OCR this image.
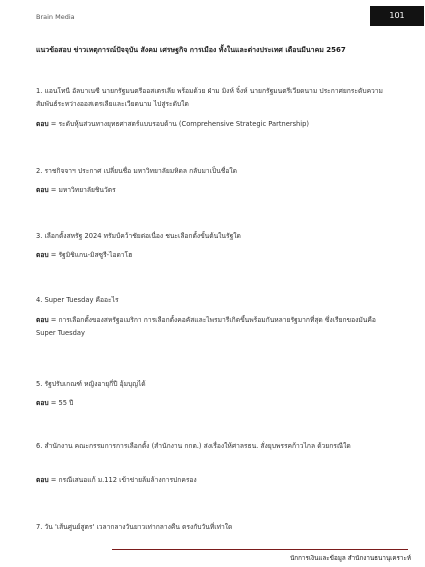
Brain Media	101
แนวข้อสอบ ข่าวเหตุการณ์ปัจจุบัน สังคม เศรษฐกิจ การเมือง ทั้งในและต่างประเทศ เดือนมีนาคม 2567
1. แอนโทนี อัลบาเนซี นายกรัฐมนตรีออสเตรเลีย พร้อมด้วย ฝ่าม มิงห์ จิ๋งห์ นายกรัฐมนตรีเวียดนาม ประกาศยกระดับความสัมพันธ์ระหว่างออสเตรเลียและเวียดนาม ไปสู่ระดับใด
ตอบ = ระดับหุ้นส่วนทางยุทธศาสตร์แบบรอบด้าน (Comprehensive Strategic Partnership)
2. ราชกิจจาฯ ประกาศ เปลี่ยนชื่อ มหาวิทยาลัยมหิดล กลับมาเป็นชื่อใด
ตอบ = มหาวิทยาลัยชินวัตร
3. เลือกตั้งสหรัฐ 2024 ทรัมป์คว้าชัยต่อเนื่อง ชนะเลือกตั้งขั้นต้นในรัฐใด
ตอบ = รัฐมิชิแกน-มิสซูรี-ไอดาโฮ
4. Super Tuesday คืออะไร
ตอบ = การเลือกตั้งของสหรัฐอเมริกา การเลือกตั้งคอคัสและไพรมารีเกิดขึ้นพร้อมกันหลายรัฐมากที่สุด ซึ่งเรียกของมันคือ Super Tuesday
5. รัฐปรับเกณฑ์ หญิงอายุกี่ปี อุ้มบุญได้
ตอบ = 55 ปี
6. สำนักงาน คณะกรรมการการเลือกตั้ง (สำนักงาน กกต.) ส่งเรื่องให้ศาลรธน. สั่งยุบพรรคก้าวไกล ด้วยกรณีใด
ตอบ = กรณีเสนอแก้ ม.112 เข้าข่ายล้มล้างการปกครอง
7. วัน 'เส้นศูนย์สูตร' เวลากลางวันยาวเท่ากลางคืน ตรงกับวันที่เท่าใด
นักการเงินและข้อมูล สำนักงานธนานุเคราะห์
